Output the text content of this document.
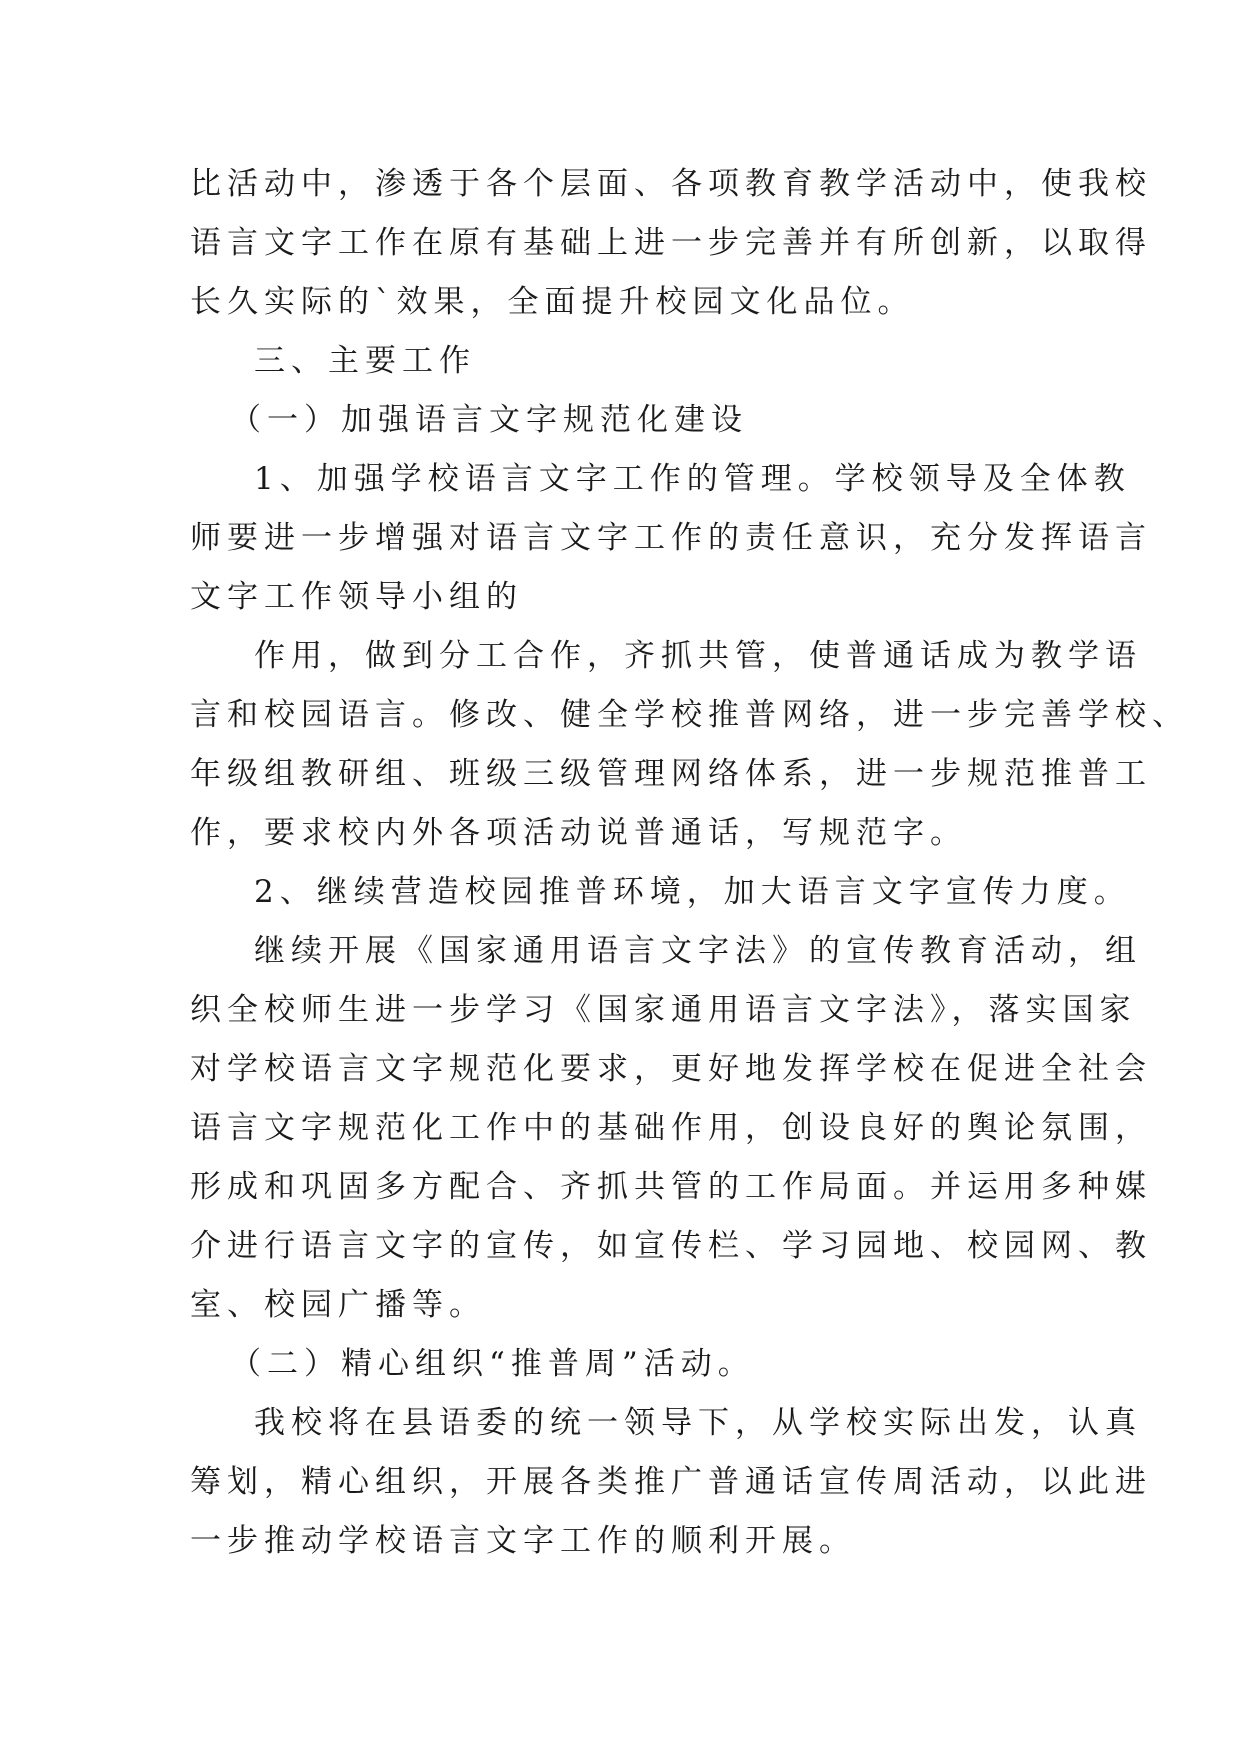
比活动中，渗透于各个层面、各项教育教学活动中，使我校
语言文字工作在原有基础上进一步完善并有所创新，以取得
长久实际的`效果，全面提升校园文化品位。
三、主要工作
（一）加强语言文字规范化建设
1、加强学校语言文字工作的管理。学校领导及全体教
师要进一步增强对语言文字工作的责任意识，充分发挥语言
文字工作领导小组的
作用，做到分工合作，齐抓共管，使普通话成为教学语
言和校园语言。修改、健全学校推普网络，进一步完善学校、
年级组教研组、班级三级管理网络体系，进一步规范推普工
作，要求校内外各项活动说普通话，写规范字。
2、继续营造校园推普环境，加大语言文字宣传力度。
继续开展《国家通用语言文字法》的宣传教育活动，组
织全校师生进一步学习《国家通用语言文字法》，落实国家
对学校语言文字规范化要求，更好地发挥学校在促进全社会
语言文字规范化工作中的基础作用，创设良好的舆论氛围，
形成和巩固多方配合、齐抓共管的工作局面。并运用多种媒
介进行语言文字的宣传，如宣传栏、学习园地、校园网、教
室、校园广播等。
（二）精心组织“推普周”活动。
我校将在县语委的统一领导下，从学校实际出发，认真
筹划，精心组织，开展各类推广普通话宣传周活动，以此进
一步推动学校语言文字工作的顺利开展。
